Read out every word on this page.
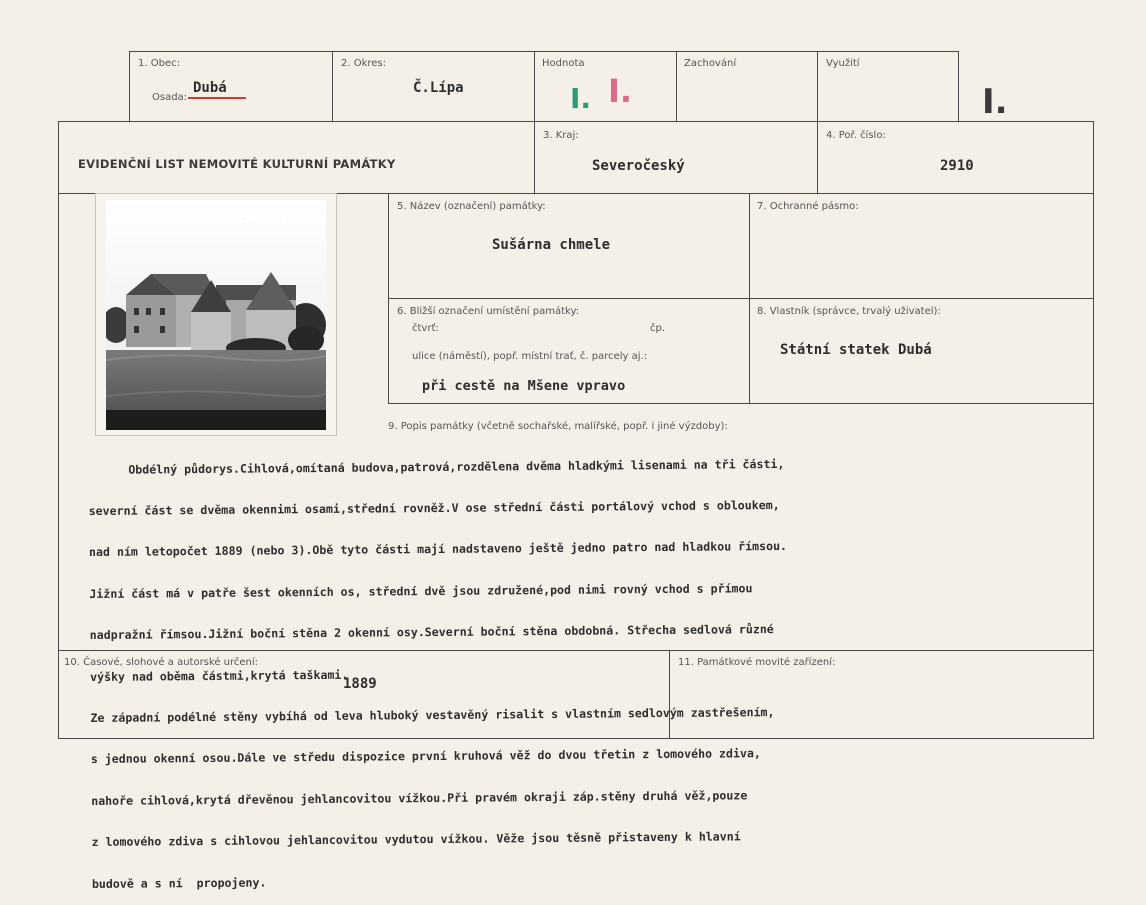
1. Obec:
Osada:
Dubá
2. Okres:
Č.Lípa
Hodnota
I. I.
Zachování	Využití
I.
EVIDENČNÍ LIST NEMOVITÉ KULTURNÍ PAMÁTKY
3. Kraj:
Severočeský
4. Poř. číslo:
2910
29187
5. Název (označení) památky:
Sušárna chmele
7. Ochranné pásmo:
6. Bližší označení umístění památky:
čtvrť:	čp.
ulice (náměstí), popř. místní trať, č. parcely aj.:
při cestě na Mšene vpravo
8. Vlastník (správce, trvalý uživatel):
Státní statek Dubá
9. Popis památky (včetně sochařské, malířské, popř. i jiné výzdoby):

Obdélný půdorys.Cihlová,omítaná budova,patrová,rozdělena dvěma hladkými lisenami na tři části,

severní část se dvěma okennimi osami,střední rovněž.V ose střední části portálový vchod s obloukem,

nad ním letopočet 1889 (nebo 3).Obě tyto části mají nadstaveno ještě jedno patro nad hladkou římsou.

Jižní část má v patře šest okenních os, střední dvě jsou združené,pod nimi rovný vchod s přímou

nadpražní římsou.Jižní boční stěna 2 okenní osy.Severní boční stěna obdobná. Střecha sedlová různé

výšky nad oběma částmi,krytá taškami.

Ze západní podélné stěny vybíhá od leva hluboký vestavěný risalit s vlastním sedlovým zastřešením,

s jednou okenní osou.Dále ve středu dispozice první kruhová věž do dvou třetin z lomového zdiva,

nahoře cihlová,krytá dřevěnou jehlancovitou vížkou.Při pravém okraji záp.stěny druhá věž,pouze

z lomového zdiva s cihlovou jehlancovitou vydutou vížkou. Věže jsou těsně přistaveny k hlavní

budově a s ní  propojeny.

10. Časové, slohové a autorské určení:
1889
11. Památkové movité zařízení:
